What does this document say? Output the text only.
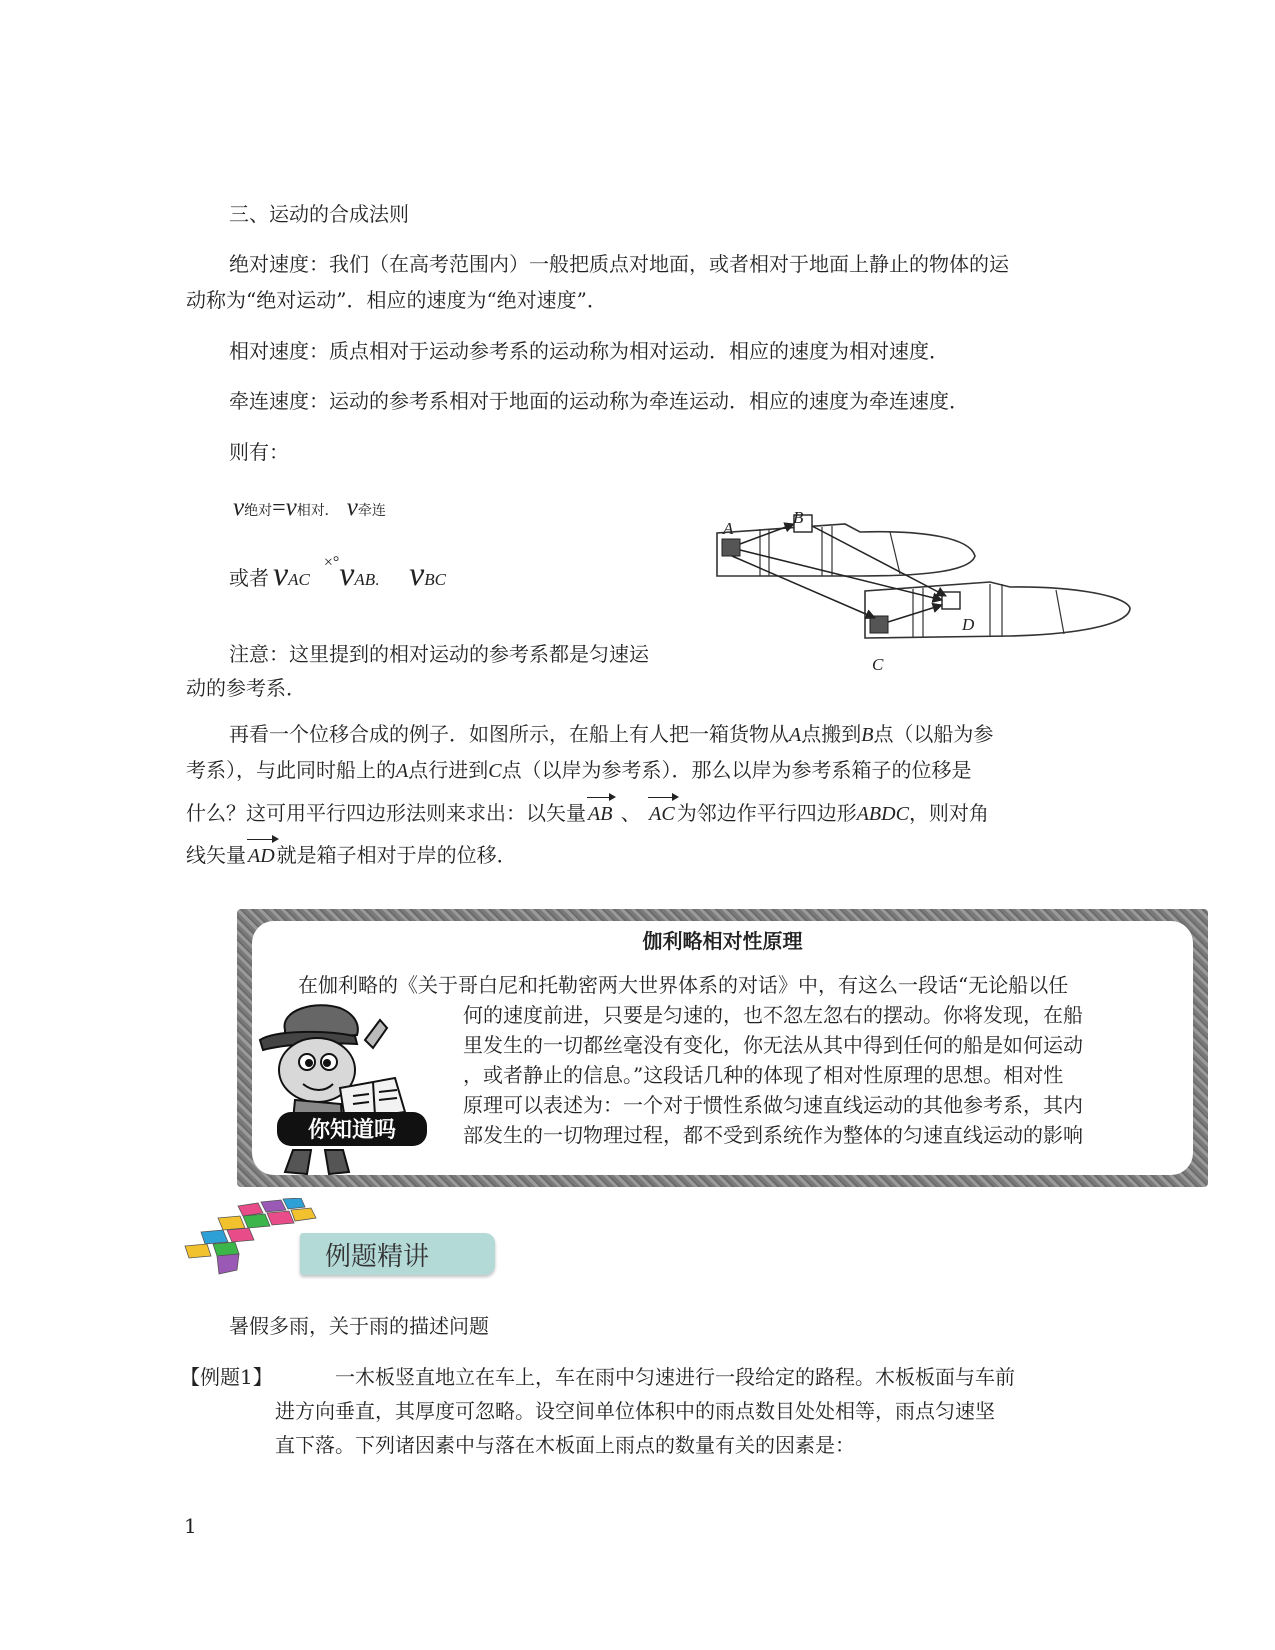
三、运动的合成法则
绝对速度：我们（在高考范围内）一般把质点对地面，或者相对于地面上静止的物体的运
动称为“绝对运动”．相应的速度为“绝对速度”．
相对速度：质点相对于运动参考系的运动称为相对运动．相应的速度为相对速度．
牵连速度：运动的参考系相对于地面的运动称为牵连运动．相应的速度为牵连速度．
则有：
v绝对=v相对. v牵连
或者 vAC×°vAB. vBC
注意：这里提到的相对运动的参考系都是匀速运
动的参考系．
A
B
C
D
再看一个位移合成的例子．如图所示，在船上有人把一箱货物从A点搬到B点（以船为参
考系），与此同时船上的A点行进到C点（以岸为参考系）．那么以岸为参考系箱子的位移是
什么？这可用平行四边形法则来求出：以矢量 AB 、 AC 为邻边作平行四边形ABDC，则对角
线矢量 AD 就是箱子相对于岸的位移．
伽利略相对性原理
在伽利略的《关于哥白尼和托勒密两大世界体系的对话》中，有这么一段话“无论船以任
何的速度前进，只要是匀速的，也不忽左忽右的摆动。你将发现，在船
里发生的一切都丝毫没有变化，你无法从其中得到任何的船是如何运动
，或者静止的信息。”这段话几种的体现了相对性原理的思想。相对性
原理可以表述为：一个对于惯性系做匀速直线运动的其他参考系，其内
部发生的一切物理过程，都不受到系统作为整体的匀速直线运动的影响
你知道吗
例题精讲
暑假多雨，关于雨的描述问题
【例题1】	一木板竖直地立在车上，车在雨中匀速进行一段给定的路程。木板板面与车前
进方向垂直，其厚度可忽略。设空间单位体积中的雨点数目处处相等，雨点匀速坚
直下落。下列诸因素中与落在木板面上雨点的数量有关的因素是：
1
